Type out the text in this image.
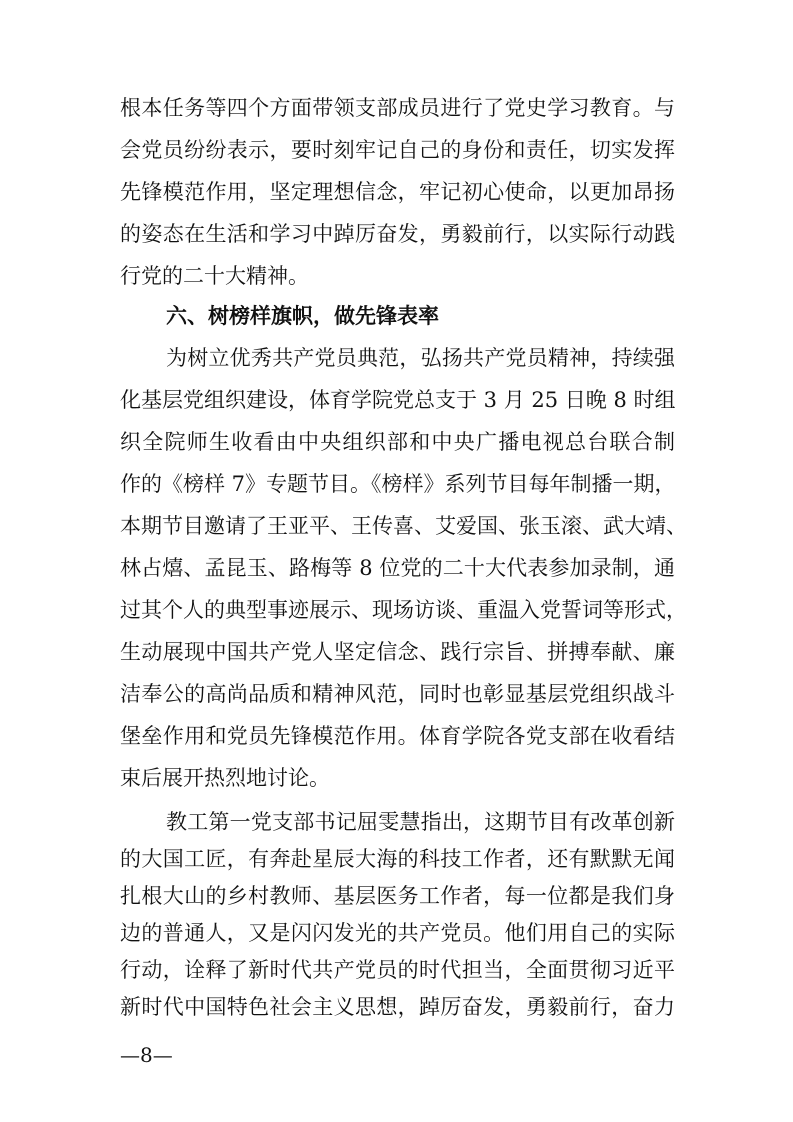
根本任务等四个方面带领支部成员进行了党史学习教育。与
会党员纷纷表示，要时刻牢记自己的身份和责任，切实发挥
先锋模范作用，坚定理想信念，牢记初心使命，以更加昂扬
的姿态在生活和学习中踔厉奋发，勇毅前行，以实际行动践
行党的二十大精神。
六、树榜样旗帜，做先锋表率
为树立优秀共产党员典范，弘扬共产党员精神，持续强
化基层党组织建设，体育学院党总支于 3 月 25 日晚 8 时组
织全院师生收看由中央组织部和中央广播电视总台联合制
作的《榜样 7》专题节目。《榜样》系列节目每年制播一期，
本期节目邀请了王亚平、王传喜、艾爱国、张玉滚、武大靖、
林占熺、孟昆玉、路梅等 8 位党的二十大代表参加录制，通
过其个人的典型事迹展示、现场访谈、重温入党誓词等形式，
生动展现中国共产党人坚定信念、践行宗旨、拼搏奉献、廉
洁奉公的高尚品质和精神风范，同时也彰显基层党组织战斗
堡垒作用和党员先锋模范作用。体育学院各党支部在收看结
束后展开热烈地讨论。
—8—
教工第一党支部书记屈雯慧指出，这期节目有改革创新
的大国工匠，有奔赴星辰大海的科技工作者，还有默默无闻
扎根大山的乡村教师、基层医务工作者，每一位都是我们身
边的普通人，又是闪闪发光的共产党员。他们用自己的实际
行动，诠释了新时代共产党员的时代担当，全面贯彻习近平
新时代中国特色社会主义思想，踔厉奋发，勇毅前行，奋力
